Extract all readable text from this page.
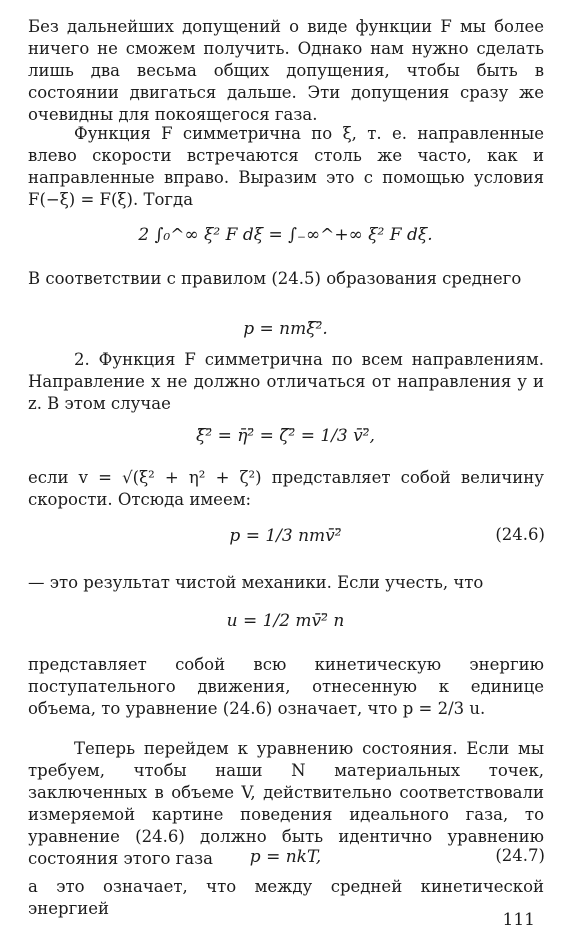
Без дальнейших допущений о виде функции F мы более ничего не сможем получить. Однако нам нужно сделать лишь два весьма общих допущения, чтобы быть в состоянии двигаться дальше. Эти допущения сразу же очевидны для покоящегося газа.

Функция F симметрична по ξ, т. е. направленные влево скорости встречаются столь же часто, как и направленные вправо. Выразим это с помощью условия F(−ξ) = F(ξ). Тогда

2 ∫₀^∞ ξ² F dξ = ∫₋∞^+∞ ξ² F dξ.

В соответствии с правилом (24.5) образования среднего

p = nmξ̄²̄.

2. Функция F симметрична по всем направлениям. Направление x не должно отличаться от направления y и z. В этом случае

ξ̄²̄ = η̄²̄ = ζ̄²̄ = 1/3 v̄²̄,

если v = √(ξ² + η² + ζ²) представляет собой величину скорости. Отсюда имеем:

p = 1/3 nmv̄²̄	(24.6)

— это результат чистой механики. Если учесть, что

u = 1/2 mv̄²̄ n

представляет собой всю кинетическую энергию поступательного движения, отнесенную к единице объема, то уравнение (24.6) означает, что p = 2/3 u.

Теперь перейдем к уравнению состояния. Если мы требуем, чтобы наши N материальных точек, заключенных в объеме V, действительно соответствовали измеряемой картине поведения идеального газа, то уравнение (24.6) должно быть идентично уравнению состояния этого газа	p = nkT,	(24.7)

а это означает, что между средней кинетической энергией

111
